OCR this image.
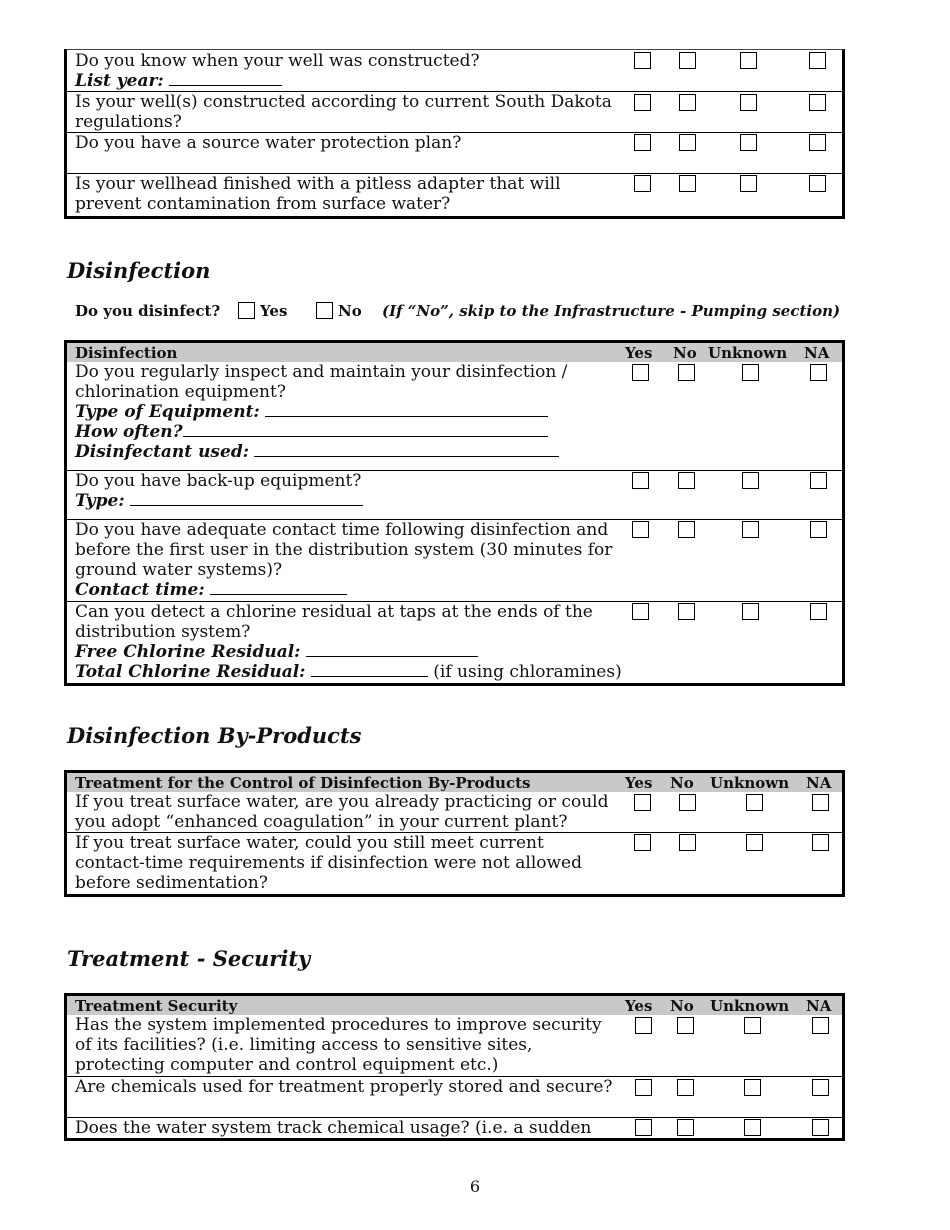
Do you know when your well was constructed?
List year:
Is your well(s) constructed according to current South Dakota regulations?
Do you have a source water protection plan?
Is your wellhead finished with a pitless adapter that will prevent contamination from surface water?
Disinfection
Do you disinfect?	Yes	No (If “No”, skip to the Infrastructure - Pumping section)
Disinfection	Yes No Unknown NA
Do you regularly inspect and maintain your disinfection / chlorination equipment?
Type of Equipment:
How often?
Disinfectant used:
Do you have back-up equipment?
Type:
Do you have adequate contact time following disinfection and before the first user in the distribution system (30 minutes for ground water systems)?
Contact time:
Can you detect a chlorine residual at taps at the ends of the distribution system?
Free Chlorine Residual:
Total Chlorine Residual:	(if using chloramines)
Disinfection By-Products
Treatment for the Control of Disinfection By-Products	Yes No Unknown NA
If you treat surface water, are you already practicing or could you adopt “enhanced coagulation” in your current plant?
If you treat surface water, could you still meet current contact-time requirements if disinfection were not allowed before sedimentation?
Treatment - Security
Treatment Security	Yes No Unknown NA
Has the system implemented procedures to improve security of its facilities? (i.e. limiting access to sensitive sites, protecting computer and control equipment etc.)
Are chemicals used for treatment properly stored and secure?
Does the water system track chemical usage? (i.e. a sudden
6
